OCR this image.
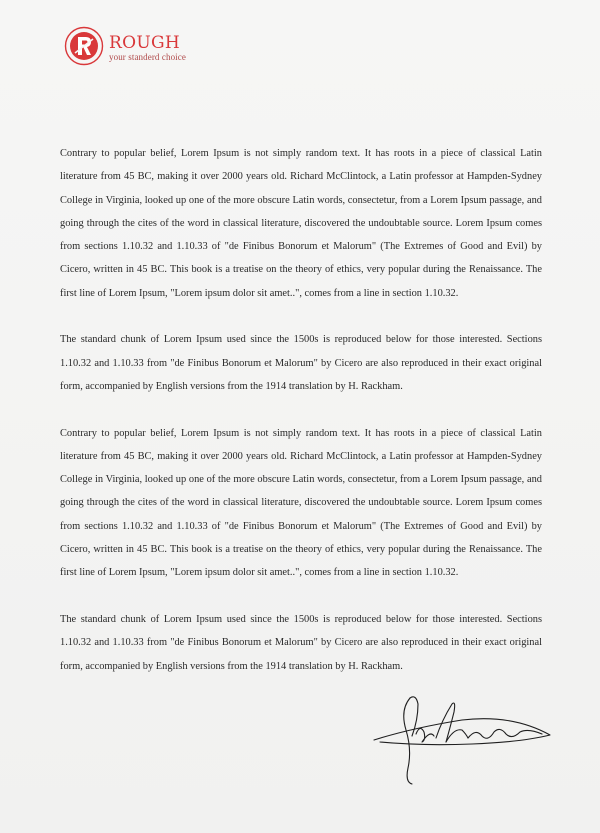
ROUGH
your standerd choice

Contrary to popular belief, Lorem Ipsum is not simply random text. It has roots in a piece of classical Latin literature from 45 BC, making it over 2000 years old. Richard McClintock, a Latin professor at Hampden-Sydney College in Virginia, looked up one of the more obscure Latin words, consectetur, from a Lorem Ipsum passage, and going through the cites of the word in classical literature, discovered the undoubtable source. Lorem Ipsum comes from sections 1.10.32 and 1.10.33 of "de Finibus Bonorum et Malorum" (The Extremes of Good and Evil) by Cicero, written in 45 BC. This book is a treatise on the theory of ethics, very popular during the Renaissance. The first line of Lorem Ipsum, "Lorem ipsum dolor sit amet..", comes from a line in section 1.10.32.

The standard chunk of Lorem Ipsum used since the 1500s is reproduced below for those interested. Sections 1.10.32 and 1.10.33 from "de Finibus Bonorum et Malorum" by Cicero are also reproduced in their exact original form, accompanied by English versions from the 1914 translation by H. Rackham.

Contrary to popular belief, Lorem Ipsum is not simply random text. It has roots in a piece of classical Latin literature from 45 BC, making it over 2000 years old. Richard McClintock, a Latin professor at Hampden-Sydney College in Virginia, looked up one of the more obscure Latin words, consectetur, from a Lorem Ipsum passage, and going through the cites of the word in classical literature, discovered the undoubtable source. Lorem Ipsum comes from sections 1.10.32 and 1.10.33 of "de Finibus Bonorum et Malorum" (The Extremes of Good and Evil) by Cicero, written in 45 BC. This book is a treatise on the theory of ethics, very popular during the Renaissance. The first line of Lorem Ipsum, "Lorem ipsum dolor sit amet..", comes from a line in section 1.10.32.

The standard chunk of Lorem Ipsum used since the 1500s is reproduced below for those interested. Sections 1.10.32 and 1.10.33 from "de Finibus Bonorum et Malorum" by Cicero are also reproduced in their exact original form, accompanied by English versions from the 1914 translation by H. Rackham.
